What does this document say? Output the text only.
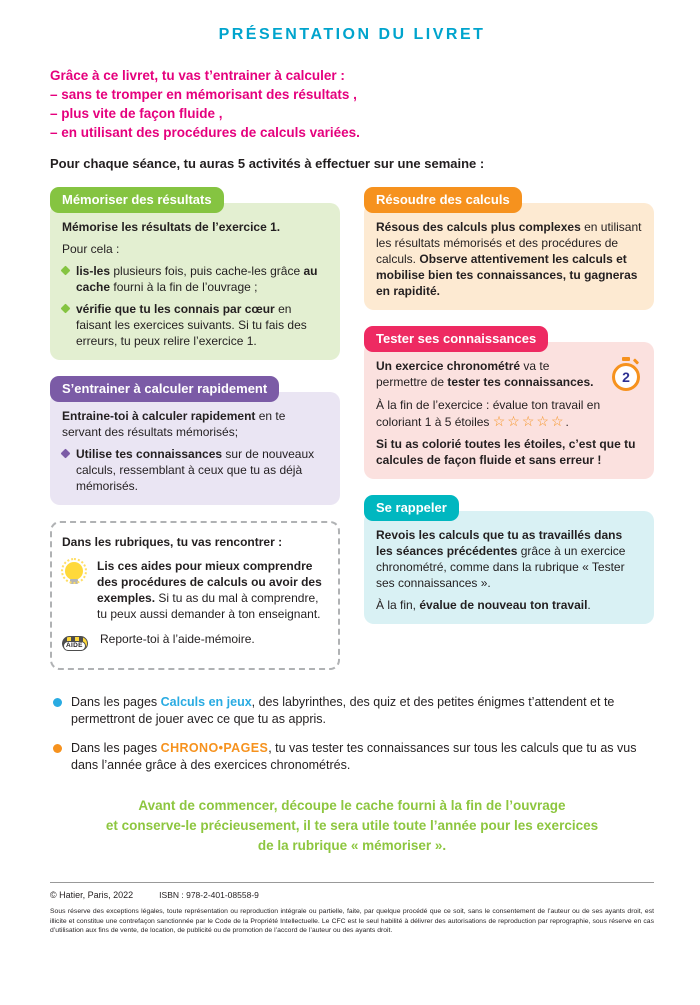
PRÉSENTATION DU LIVRET
Grâce à ce livret, tu vas t’entrainer à calculer :
– sans te tromper en mémorisant des résultats ,
– plus vite de façon fluide ,
– en utilisant des procédures de calculs variées.

Pour chaque séance, tu auras 5 activités à effectuer sur une semaine :

Mémoriser des résultats

Mémorise les résultats de l’exercice 1.

Pour cela :

lis-les plusieurs fois, puis cache-les grâce au cache fourni à la fin de l’ouvrage ;

vérifie que tu les connais par cœur en faisant les exercices suivants. Si tu fais des erreurs, tu peux relire l’exercice 1.

S’entrainer à calculer rapidement

Entraine-toi à calculer rapidement en te servant des résultats mémorisés;

Utilise tes connaissances sur de nouveaux calculs, ressemblant à ceux que tu as déjà mémorisés.

Dans les rubriques, tu vas rencontrer :

Lis ces aides pour mieux comprendre des procédures de calculs ou avoir des exemples. Si tu as du mal à comprendre, tu peux aussi demander à ton enseignant.

AIDE Reporte-toi à l’aide-mémoire.

Résoudre des calculs

Résous des calculs plus complexes en utilisant les résultats mémorisés et des procédures de calculs. Observe attentivement les calculs et mobilise bien tes connaissances, tu gagneras en rapidité.

Tester ses connaissances

Un exercice chronométré va te permettre de tester tes connaissances.	2

À la fin de l’exercice : évalue ton travail en coloriant 1 à 5 étoiles ☆☆☆☆☆.

Si tu as colorié toutes les étoiles, c’est que tu calcules de façon fluide et sans erreur !

Se rappeler

Revois les calculs que tu as travaillés dans les séances précédentes grâce à un exercice chronométré, comme dans la rubrique « Tester ses connaissances ».

À la fin, évalue de nouveau ton travail.

Dans les pages Calculs en jeux, des labyrinthes, des quiz et des petites énigmes t’attendent et te permettront de jouer avec ce que tu as appris.

Dans les pages CHRONO•PAGES, tu vas tester tes connaissances sur tous les calculs que tu as vus dans l’année grâce à des exercices chronométrés.

Avant de commencer, découpe le cache fourni à la fin de l’ouvrage
et conserve-le précieusement, il te sera utile toute l’année pour les exercices
de la rubrique « mémoriser ».
© Hatier, Paris, 2022	ISBN : 978-2-401-08558-9

Sous réserve des exceptions légales, toute représentation ou reproduction intégrale ou partielle, faite, par quelque procédé que ce soit, sans le consentement de l’auteur ou de ses ayants droit, est illicite et constitue une contrefaçon sanctionnée par le Code de la Propriété Intellectuelle. Le CFC est le seul habilité à délivrer des autorisations de reproduction par reprographie, sous réserve en cas d’utilisation aux fins de vente, de location, de publicité ou de promotion de l’accord de l’auteur ou des ayants droit.
